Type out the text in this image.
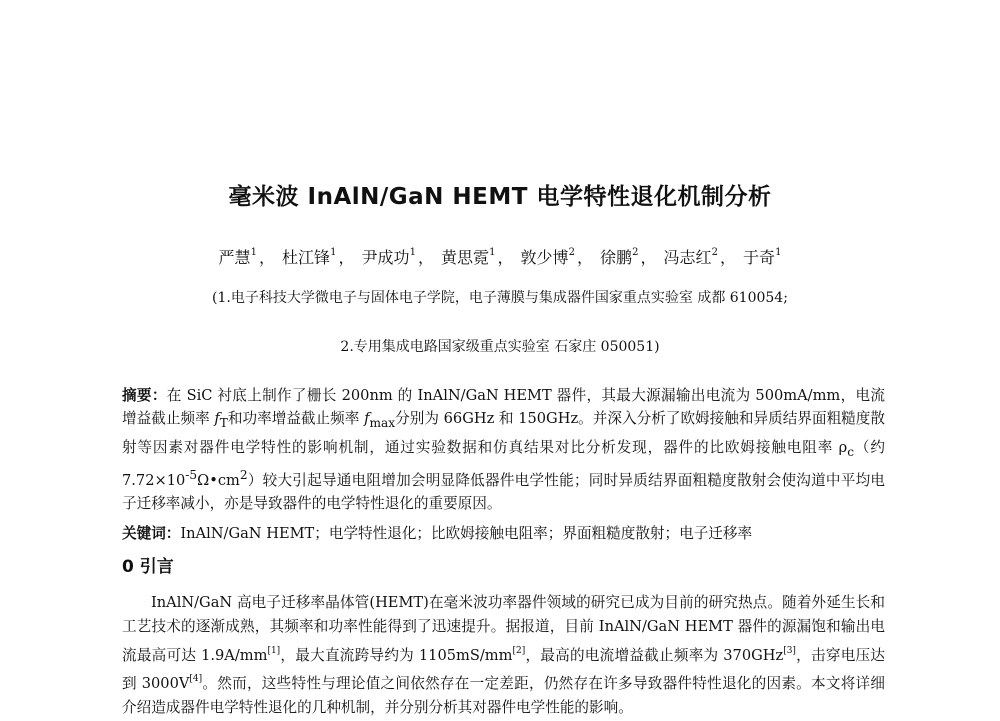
毫米波 InAlN/GaN HEMT 电学特性退化机制分析
严慧$^1$ ， 杜江锋$^1$ ， 尹成功$^1$ ， 黄思霓$^1$ ， 敦少博$^2$ ， 徐鹏$^2$ ， 冯志红$^2$ ， 于奇$^1$
(1.电子科技大学微电子与固体电子学院，电子薄膜与集成器件国家重点实验室 成都 610054;
2.专用集成电路国家级重点实验室 石家庄 050051)
摘要：在 SiC 衬底上制作了栅长 200nm 的 InAlN/GaN HEMT 器件，其最大源漏输出电流为 500mA/mm，电流增益截止频率 $f_T$和功率增益截止频率 $f_{max}$分别为 66GHz 和 150GHz。并深入分析了欧姆接触和异质结界面粗糙度散射等因素对器件电学特性的影响机制，通过实验数据和仿真结果对比分析发现，器件的比欧姆接触电阻率 $\rho_c$（约 $7.72\times 10^{-5}\Omega•cm^2$）较大引起导通电阻增加会明显降低器件电学性能；同时异质结界面粗糙度散射会使沟道中平均电子迁移率减小，亦是导致器件的电学特性退化的重要原因。
关键词：InAlN/GaN HEMT；电学特性退化；比欧姆接触电阻率；界面粗糙度散射；电子迁移率
0 引言
InAlN/GaN 高电子迁移率晶体管(HEMT)在毫米波功率器件领域的研究已成为目前的研究热点。随着外延生长和工艺技术的逐渐成熟，其频率和功率性能得到了迅速提升。据报道，目前 InAlN/GaN HEMT 器件的源漏饱和输出电流最高可达 1.9A/mm[1]，最大直流跨导约为 1105mS/mm[2]，最高的电流增益截止频率为 370GHz[3]，击穿电压达到 3000V[4]。然而，这些特性与理论值之间依然存在一定差距，仍然存在许多导致器件特性退化的因素。本文将详细介绍造成器件电学特性退化的几种机制，并分别分析其对器件电学性能的影响。
